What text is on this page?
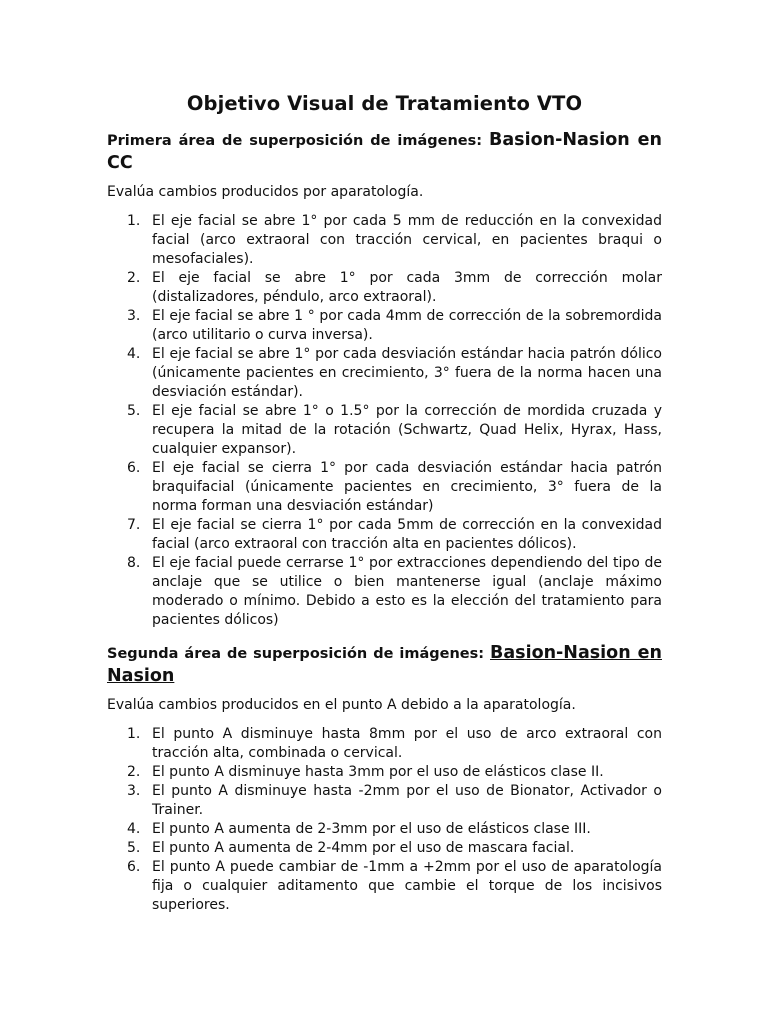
Objetivo Visual de Tratamiento VTO

Primera área de superposición de imágenes: Basion-Nasion en CC

Evalúa cambios producidos por aparatología.

1. El eje facial se abre 1° por cada 5 mm de reducción en la convexidad facial (arco extraoral con tracción cervical, en pacientes braqui o mesofaciales).
2. El eje facial se abre 1° por cada 3mm de corrección molar (distalizadores, péndulo, arco extraoral).
3. El eje facial se abre 1 ° por cada 4mm de corrección de la sobremordida (arco utilitario o curva inversa).
4. El eje facial se abre 1° por cada desviación estándar hacia patrón dólico (únicamente pacientes en crecimiento, 3° fuera de la norma hacen una desviación estándar).
5. El eje facial se abre 1° o 1.5° por la corrección de mordida cruzada y recupera la mitad de la rotación (Schwartz, Quad Helix, Hyrax, Hass, cualquier expansor).
6. El eje facial se cierra 1° por cada desviación estándar hacia patrón braquifacial (únicamente pacientes en crecimiento, 3° fuera de la norma forman una desviación estándar)
7. El eje facial se cierra 1° por cada 5mm de corrección en la convexidad facial (arco extraoral con tracción alta en pacientes dólicos).
8. El eje facial puede cerrarse 1° por extracciones dependiendo del tipo de anclaje que se utilice o bien mantenerse igual (anclaje máximo moderado o mínimo. Debido a esto es la elección del tratamiento para pacientes dólicos)

Segunda área de superposición de imágenes: Basion-Nasion en Nasion

Evalúa cambios producidos en el punto A debido a la aparatología.

1. El punto A disminuye hasta 8mm por el uso de arco extraoral con tracción alta, combinada o cervical.
2. El punto A disminuye hasta 3mm por el uso de elásticos clase II.
3. El punto A disminuye hasta -2mm por el uso de Bionator, Activador o Trainer.
4. El punto A aumenta de 2-3mm por el uso de elásticos clase III.
5. El punto A aumenta de 2-4mm por el uso de mascara facial.
6. El punto A puede cambiar de -1mm a +2mm por el uso de aparatología fija o cualquier aditamento que cambie el torque de los incisivos superiores.
